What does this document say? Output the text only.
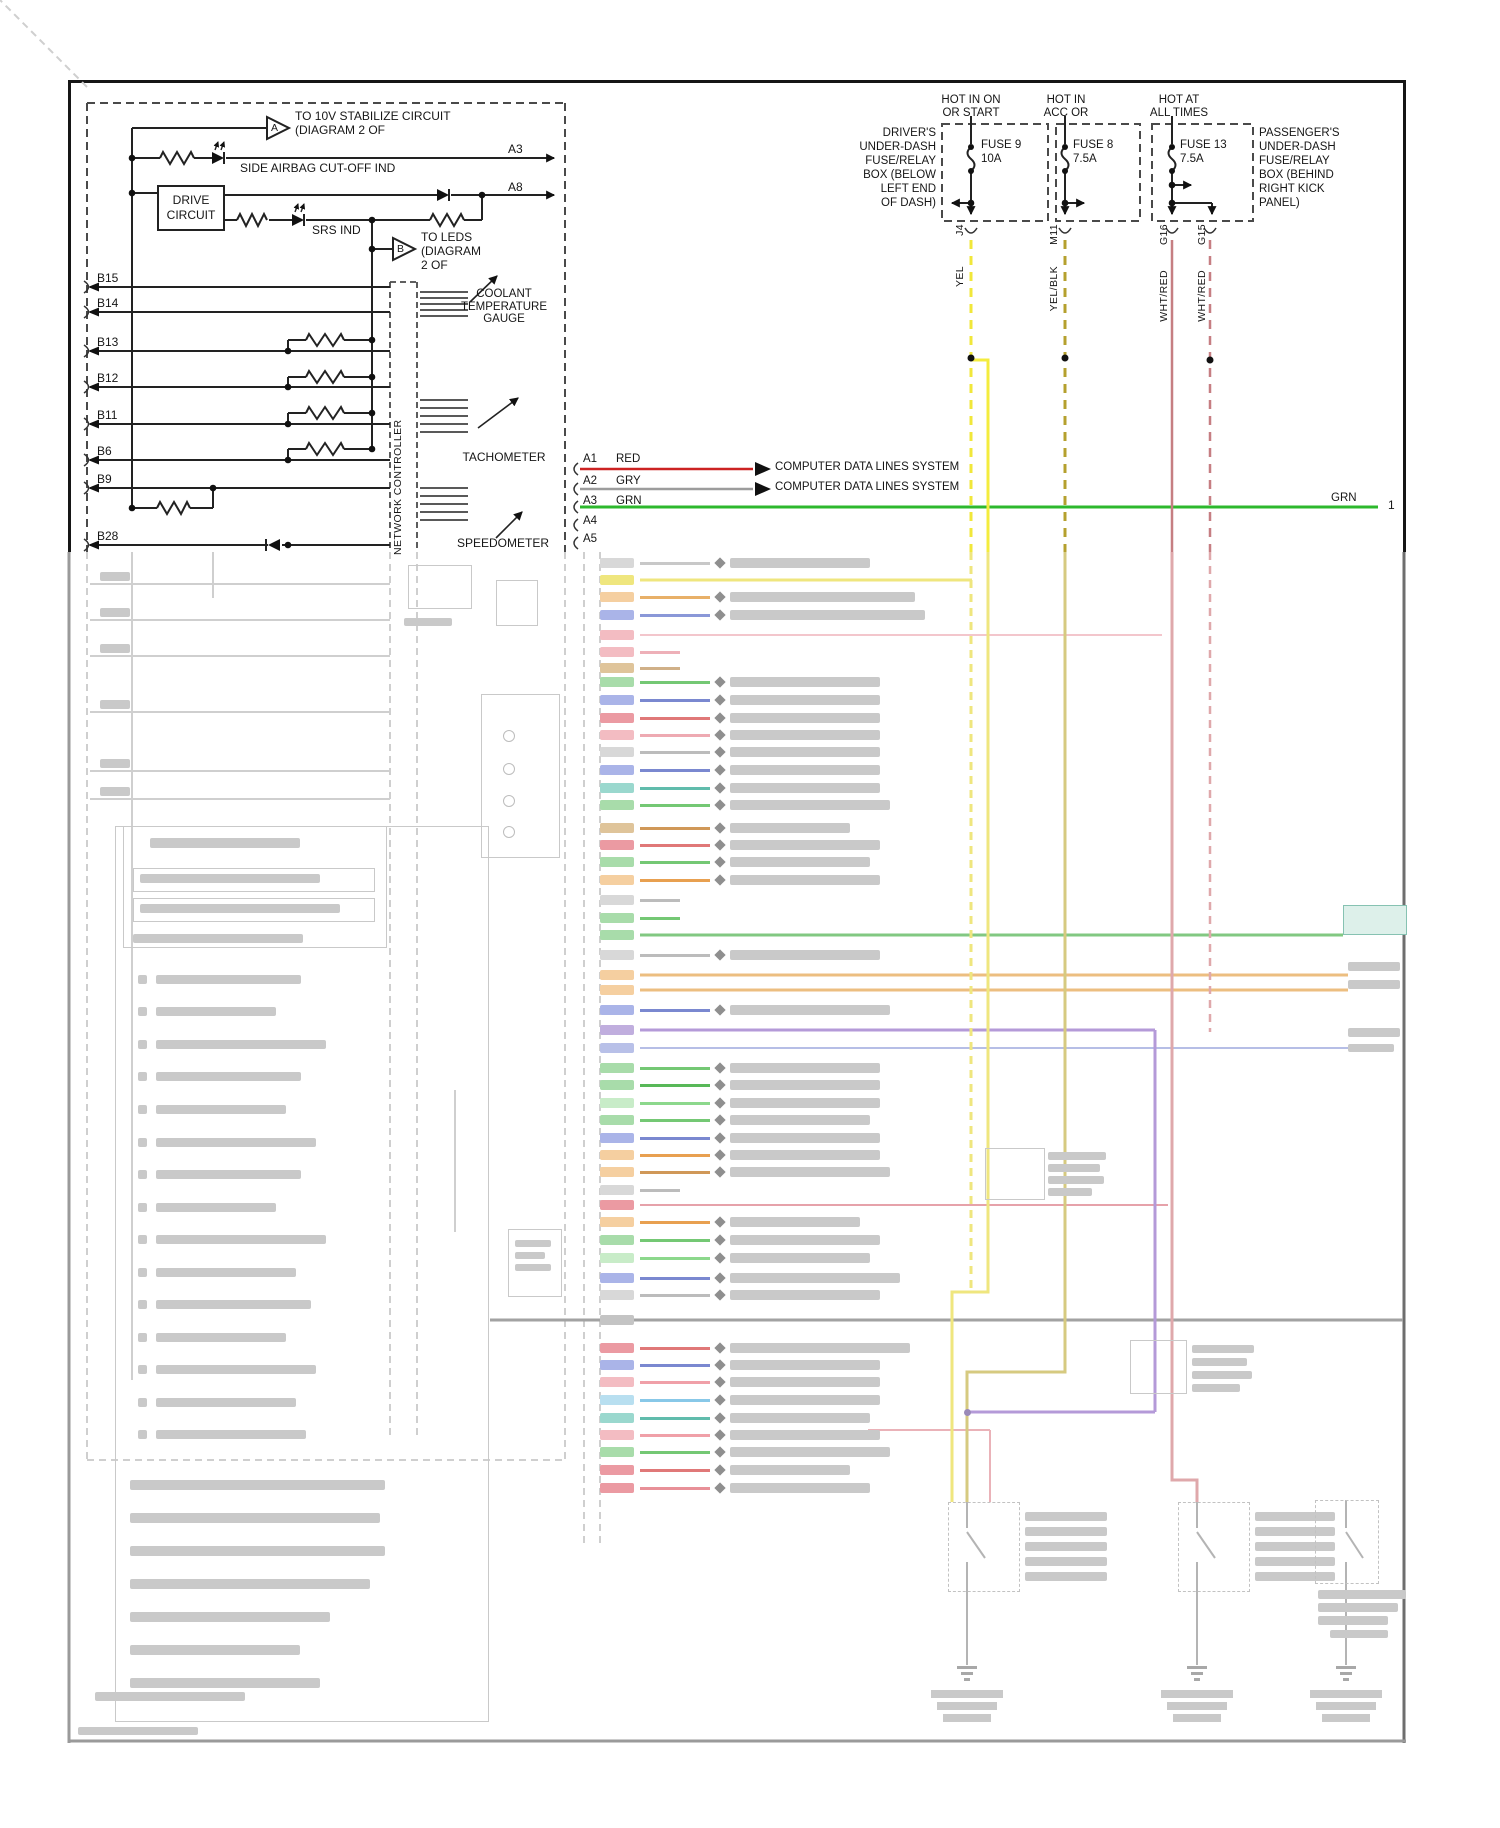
TO 10V STABILIZE CIRCUIT
(DIAGRAM 2 OF
A
SIDE AIRBAG CUT-OFF IND
A3
A8
DRIVE
CIRCUIT
SRS IND
B
TO LEDS
(DIAGRAM
2 OF
B15
B14
B13
B12
B11
B6
B9
B28	NETWORK CONTROLLER
COOLANT
TEMPERATURE
GAUGE
TACHOMETER
SPEEDOMETER
HOT IN ON
OR START
HOT IN
ACC OR
HOT AT
ALL TIMES
DRIVER'S
UNDER-DASH
FUSE/RELAY
BOX (BELOW
LEFT END
OF DASH)
PASSENGER'S
UNDER-DASH
FUSE/RELAY
BOX (BEHIND
RIGHT KICK
PANEL)
FUSE 9
10A
FUSE 8
7.5A
FUSE 13
7.5A
J4	M11	G16 G15
YEL	YEL/BLK	WHT/RED WHT/RED
A1 RED
A2 GRY
A3 GRN
A4
A5
COMPUTER DATA LINES SYSTEM
COMPUTER DATA LINES SYSTEM
GRN	1
